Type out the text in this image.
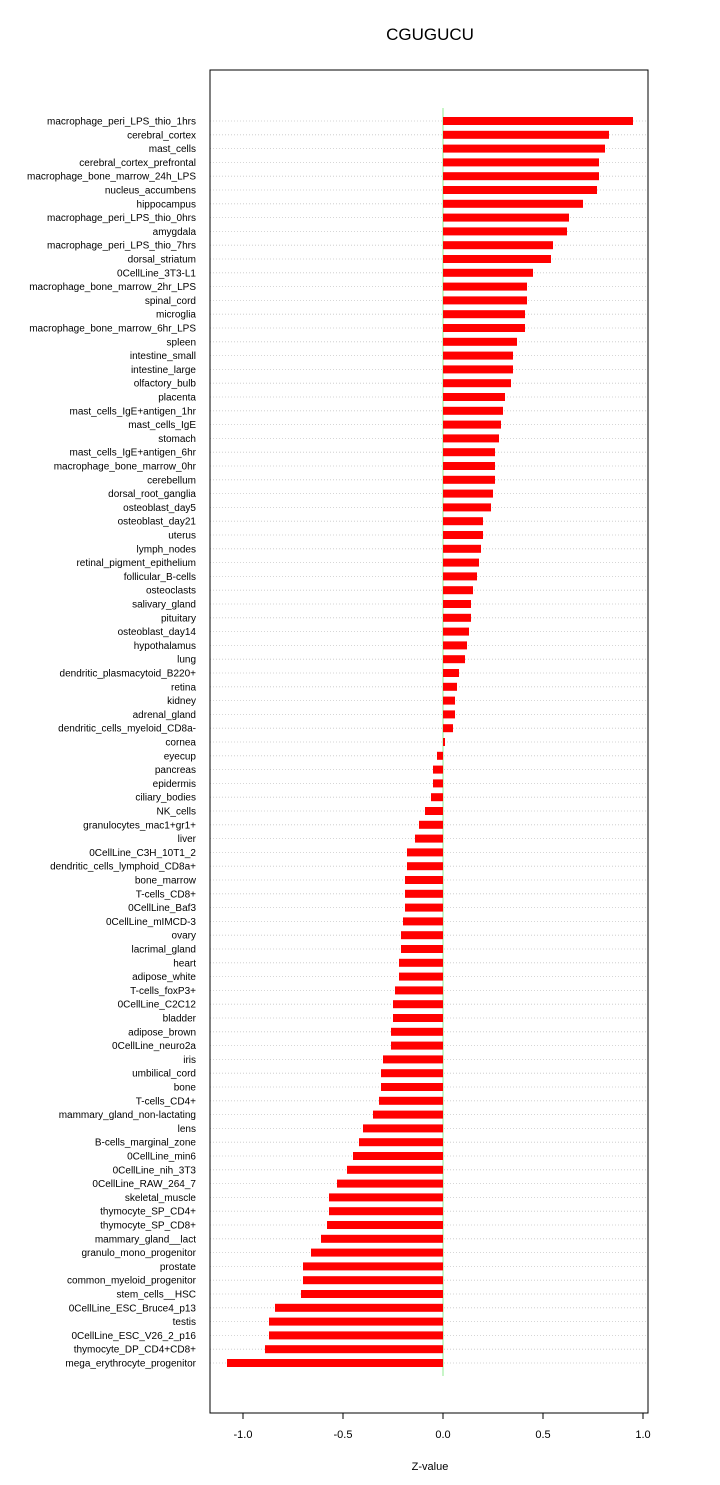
CGUGUCU
macrophage_peri_LPS_thio_1hrs
cerebral_cortex
mast_cells
cerebral_cortex_prefrontal
macrophage_bone_marrow_24h_LPS
nucleus_accumbens
hippocampus
macrophage_peri_LPS_thio_0hrs
amygdala
macrophage_peri_LPS_thio_7hrs
dorsal_striatum
0CellLine_3T3-L1
macrophage_bone_marrow_2hr_LPS
spinal_cord
microglia
macrophage_bone_marrow_6hr_LPS
spleen
intestine_small
intestine_large
olfactory_bulb
placenta
mast_cells_IgE+antigen_1hr
mast_cells_IgE
stomach
mast_cells_IgE+antigen_6hr
macrophage_bone_marrow_0hr
cerebellum
dorsal_root_ganglia
osteoblast_day5
osteoblast_day21
uterus
lymph_nodes
retinal_pigment_epithelium
follicular_B-cells
osteoclasts
salivary_gland
pituitary
osteoblast_day14
hypothalamus
lung
dendritic_plasmacytoid_B220+
retina
kidney
adrenal_gland
dendritic_cells_myeloid_CD8a-
cornea
eyecup
pancreas
epidermis
ciliary_bodies
NK_cells
granulocytes_mac1+gr1+
liver
0CellLine_C3H_10T1_2
dendritic_cells_lymphoid_CD8a+
bone_marrow
T-cells_CD8+
0CellLine_Baf3
0CellLine_mIMCD-3
ovary
lacrimal_gland
heart
adipose_white
T-cells_foxP3+
0CellLine_C2C12
bladder
adipose_brown
0CellLine_neuro2a
iris
umbilical_cord
bone
T-cells_CD4+
mammary_gland_non-lactating
lens
B-cells_marginal_zone
0CellLine_min6
0CellLine_nih_3T3
0CellLine_RAW_264_7
skeletal_muscle
thymocyte_SP_CD4+
thymocyte_SP_CD8+
mammary_gland__lact
granulo_mono_progenitor
prostate
common_myeloid_progenitor
stem_cells__HSC
0CellLine_ESC_Bruce4_p13
testis
0CellLine_ESC_V26_2_p16
thymocyte_DP_CD4+CD8+
mega_erythrocyte_progenitor
-1.0	-0.5	0.0	0.5	1.0
Z-value
